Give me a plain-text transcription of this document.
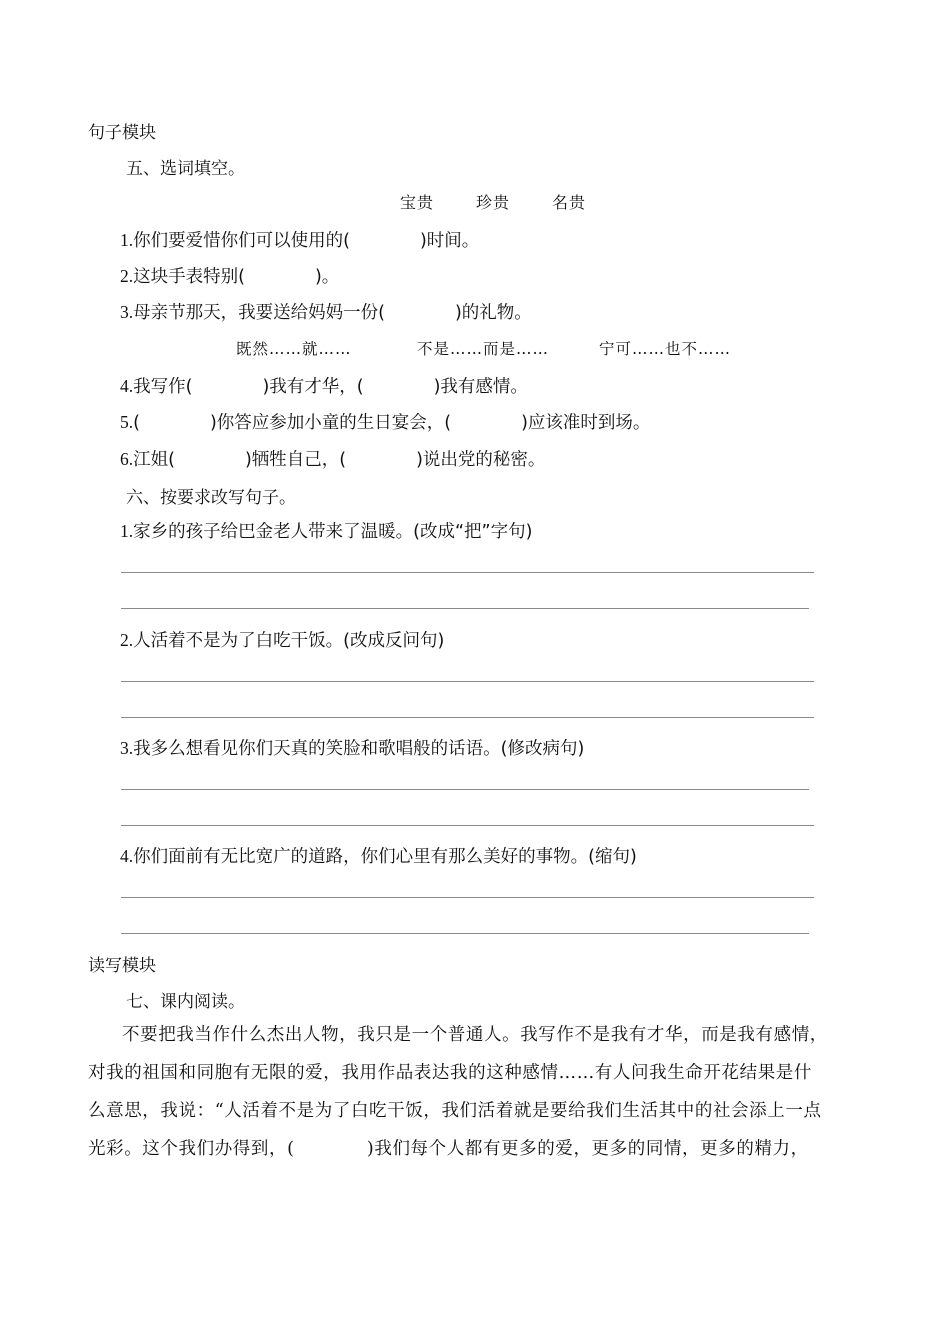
句子模块
五、选词填空。
宝贵	珍贵	名贵
1.你们要爱惜你们可以使用的(　　　　)时间。
2.这块手表特别(　　　　)。
3.母亲节那天，我要送给妈妈一份(　　　　)的礼物。
既然……就……	不是……而是……	宁可……也不……
4.我写作(　　　　)我有才华，(　　　　)我有感情。
5.(　　　　)你答应参加小童的生日宴会，(　　　　)应该准时到场。
6.江姐(　　　　)牺牲自己，(　　　　)说出党的秘密。
六、按要求改写句子。
1.家乡的孩子给巴金老人带来了温暖。(改成“把”字句)
2.人活着不是为了白吃干饭。(改成反问句)
3.我多么想看见你们天真的笑脸和歌唱般的话语。(修改病句)
4.你们面前有无比宽广的道路，你们心里有那么美好的事物。(缩句)
读写模块
七、课内阅读。
不要把我当作什么杰出人物，我只是一个普通人。我写作不是我有才华，而是我有感情，
对我的祖国和同胞有无限的爱，我用作品表达我的这种感情……有人问我生命开花结果是什
么意思，我说：“人活着不是为了白吃干饭，我们活着就是要给我们生活其中的社会添上一点
光彩。这个我们办得到，(　　　　)我们每个人都有更多的爱，更多的同情，更多的精力，
